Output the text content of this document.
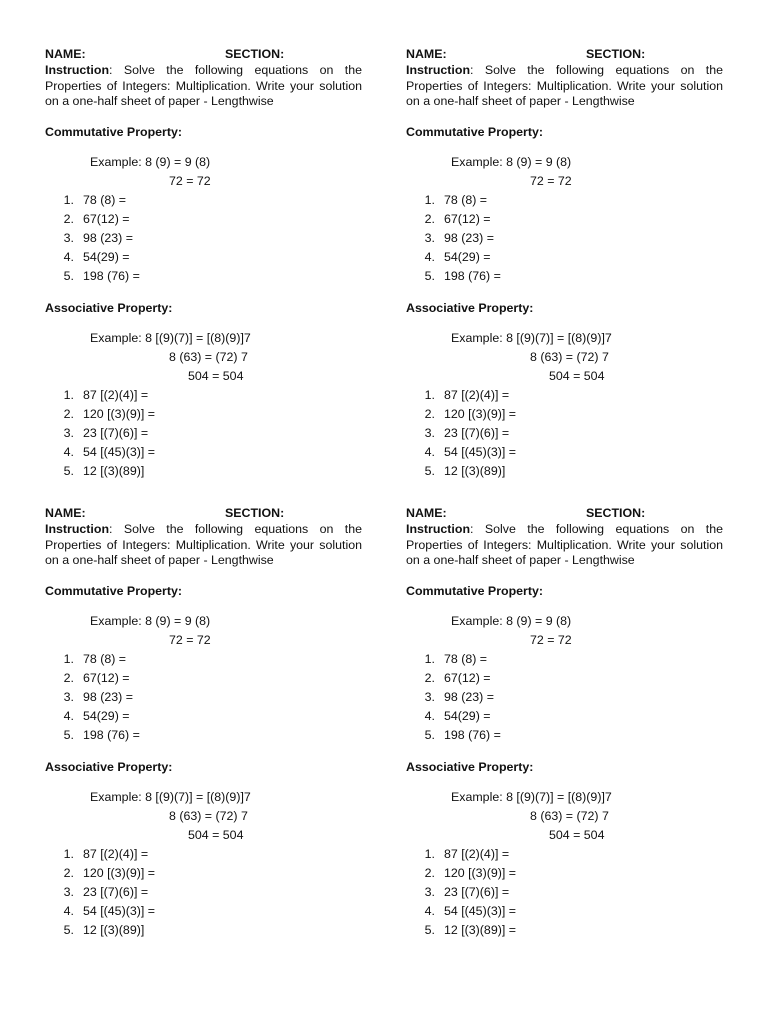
NAME:	SECTION:

Instruction: Solve the following equations on the Properties of Integers: Multiplication. Write your solution on a one-half sheet of paper - Lengthwise

Commutative Property:
Example: 8 (9) = 9 (8)
72 = 72
1. 78 (8) =
2. 67(12) =
3. 98 (23) =
4. 54(29) =
5. 198 (76) =
Associative Property:
Example: 8 [(9)(7)] = [(8)(9)]7
8 (63) = (72) 7
504 = 504
1. 87 [(2)(4)] =
2. 120 [(3)(9)] =
3. 23 [(7)(6)] =
4. 54 [(45)(3)] =
5. 12 [(3)(89)]
NAME:	SECTION:

Instruction: Solve the following equations on the Properties of Integers: Multiplication. Write your solution on a one-half sheet of paper - Lengthwise

Commutative Property:
Example: 8 (9) = 9 (8)
72 = 72
1. 78 (8) =
2. 67(12) =
3. 98 (23) =
4. 54(29) =
5. 198 (76) =
Associative Property:
Example: 8 [(9)(7)] = [(8)(9)]7
8 (63) = (72) 7
504 = 504
1. 87 [(2)(4)] =
2. 120 [(3)(9)] =
3. 23 [(7)(6)] =
4. 54 [(45)(3)] =
5. 12 [(3)(89)]
NAME:	SECTION:

Instruction: Solve the following equations on the Properties of Integers: Multiplication. Write your solution on a one-half sheet of paper - Lengthwise

Commutative Property:
Example: 8 (9) = 9 (8)
72 = 72
1. 78 (8) =
2. 67(12) =
3. 98 (23) =
4. 54(29) =
5. 198 (76) =
Associative Property:
Example: 8 [(9)(7)] = [(8)(9)]7
8 (63) = (72) 7
504 = 504
1. 87 [(2)(4)] =
2. 120 [(3)(9)] =
3. 23 [(7)(6)] =
4. 54 [(45)(3)] =
5. 12 [(3)(89)]
NAME:	SECTION:

Instruction: Solve the following equations on the Properties of Integers: Multiplication. Write your solution on a one-half sheet of paper - Lengthwise

Commutative Property:
Example: 8 (9) = 9 (8)
72 = 72
1. 78 (8) =
2. 67(12) =
3. 98 (23) =
4. 54(29) =
5. 198 (76) =
Associative Property:
Example: 8 [(9)(7)] = [(8)(9)]7
8 (63) = (72) 7
504 = 504
1. 87 [(2)(4)] =
2. 120 [(3)(9)] =
3. 23 [(7)(6)] =
4. 54 [(45)(3)] =
5. 12 [(3)(89)] =
